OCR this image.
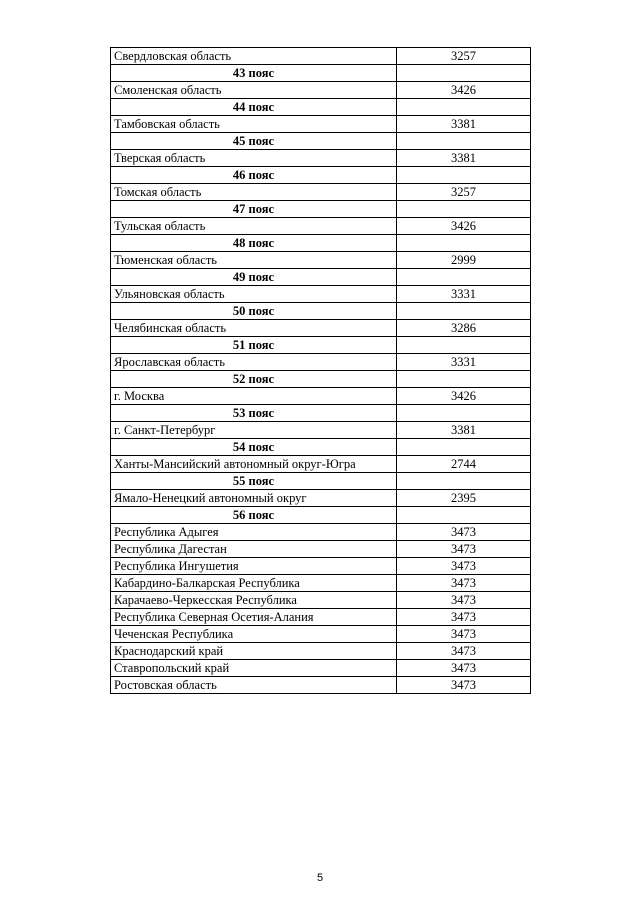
Свердловская область	3257
43 пояс	
Смоленская область	3426
44 пояс	
Тамбовская область	3381
45 пояс	
Тверская область	3381
46 пояс	
Томская область	3257
47 пояс	
Тульская область	3426
48 пояс	
Тюменская область	2999
49 пояс	
Ульяновская область	3331
50 пояс	
Челябинская область	3286
51 пояс	
Ярославская область	3331
52 пояс	
г. Москва	3426
53 пояс	
г. Санкт-Петербург	3381
54 пояс	
Ханты-Мансийский автономный округ-Югра	2744
55 пояс	
Ямало-Ненецкий автономный округ	2395
56 пояс	
Республика Адыгея	3473
Республика Дагестан	3473
Республика Ингушетия	3473
Кабардино-Балкарская Республика	3473
Карачаево-Черкесская Республика	3473
Республика Северная Осетия-Алания	3473
Чеченская Республика	3473
Краснодарский край	3473
Ставропольский край	3473
Ростовская область	3473
5
